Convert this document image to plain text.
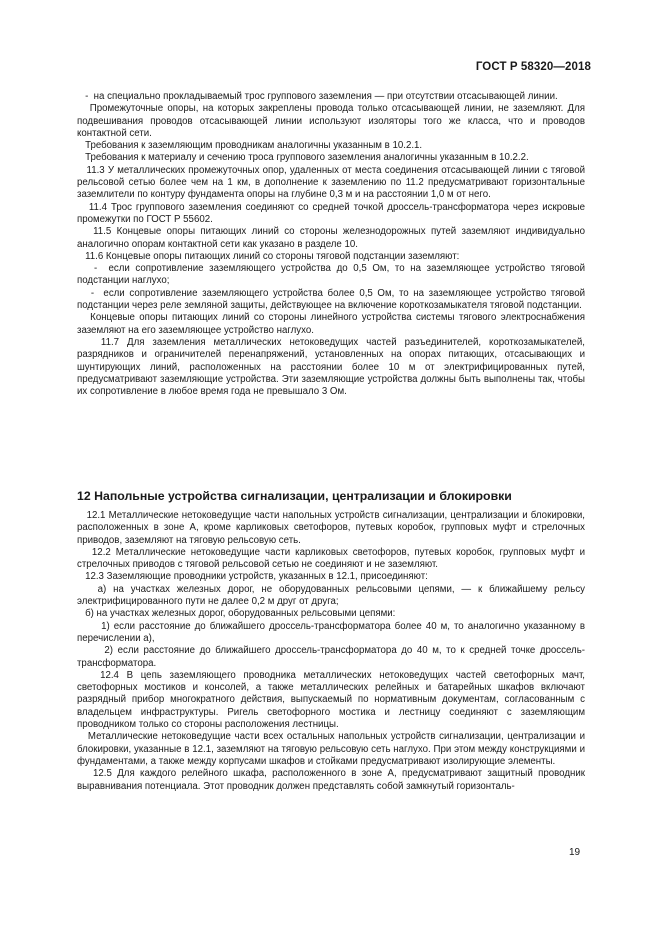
ГОСТ Р 58320—2018

-  на специально прокладываемый трос группового заземления — при отсутствии отсасывающей линии.

Промежуточные опоры, на которых закреплены провода только отсасывающей линии, не заземляют. Для подвешивания проводов отсасывающей линии используют изоляторы того же класса, что и проводов контактной сети.

Требования к заземляющим проводникам аналогичны указанным в 10.2.1.

Требования к материалу и сечению троса группового заземления аналогичны указанным в 10.2.2.

11.3 У металлических промежуточных опор, удаленных от места соединения отсасывающей линии с тяговой рельсовой сетью более чем на 1 км, в дополнение к заземлению по 11.2 предусматривают горизонтальные заземлители по контуру фундамента опоры на глубине 0,3 м и на расстоянии 1,0 м от него.

11.4 Трос группового заземления соединяют со средней точкой дроссель-трансформатора через искровые промежутки по ГОСТ Р 55602.

11.5 Концевые опоры питающих линий со стороны железнодорожных путей заземляют индивидуально аналогично опорам контактной сети как указано в разделе 10.

11.6 Концевые опоры питающих линий со стороны тяговой подстанции заземляют:

-  если сопротивление заземляющего устройства до 0,5 Ом, то на заземляющее устройство тяговой подстанции наглухо;

-  если сопротивление заземляющего устройства более 0,5 Ом, то на заземляющее устройство тяговой подстанции через реле земляной защиты, действующее на включение короткозамыкателя тяговой подстанции.

Концевые опоры питающих линий со стороны линейного устройства системы тягового электроснабжения заземляют на его заземляющее устройство наглухо.

11.7 Для заземления металлических нетоковедущих частей разъединителей, короткозамыкателей, разрядников и ограничителей перенапряжений, установленных на опорах питающих, отсасывающих и шунтирующих линий, расположенных на расстоянии более 10 м от электрифицированных путей, предусматривают заземляющие устройства. Эти заземляющие устройства должны быть выполнены так, чтобы их сопротивление в любое время года не превышало 3 Ом.

12 Напольные устройства сигнализации, централизации и блокировки

12.1 Металлические нетоковедущие части напольных устройств сигнализации, централизации и блокировки, расположенных в зоне А, кроме карликовых светофоров, путевых коробок, групповых муфт и стрелочных приводов, заземляют на тяговую рельсовую сеть.

12.2 Металлические нетоковедущие части карликовых светофоров, путевых коробок, групповых муфт и стрелочных приводов с тяговой рельсовой сетью не соединяют и не заземляют.

12.3 Заземляющие проводники устройств, указанных в 12.1, присоединяют:

а) на участках железных дорог, не оборудованных рельсовыми цепями, — к ближайшему рельсу электрифицированного пути не далее 0,2 м друг от друга;

б) на участках железных дорог, оборудованных рельсовыми цепями:

1) если расстояние до ближайшего дроссель-трансформатора более 40 м, то аналогично указанному в перечислении а),

2) если расстояние до ближайшего дроссель-трансформатора до 40 м, то к средней точке дроссель-трансформатора.

12.4 В цепь заземляющего проводника металлических нетоковедущих частей светофорных мачт, светофорных мостиков и консолей, а также металлических релейных и батарейных шкафов включают разрядный прибор многократного действия, выпускаемый по нормативным документам, согласованным с владельцем инфраструктуры. Ригель светофорного мостика и лестницу соединяют с заземляющим проводником только со стороны расположения лестницы.

Металлические нетоковедущие части всех остальных напольных устройств сигнализации, централизации и блокировки, указанные в 12.1, заземляют на тяговую рельсовую сеть наглухо. При этом между конструкциями и фундаментами, а также между корпусами шкафов и стойками предусматривают изолирующие элементы.

12.5 Для каждого релейного шкафа, расположенного в зоне А, предусматривают защитный проводник выравнивания потенциала. Этот проводник должен представлять собой замкнутый горизонталь-

19
